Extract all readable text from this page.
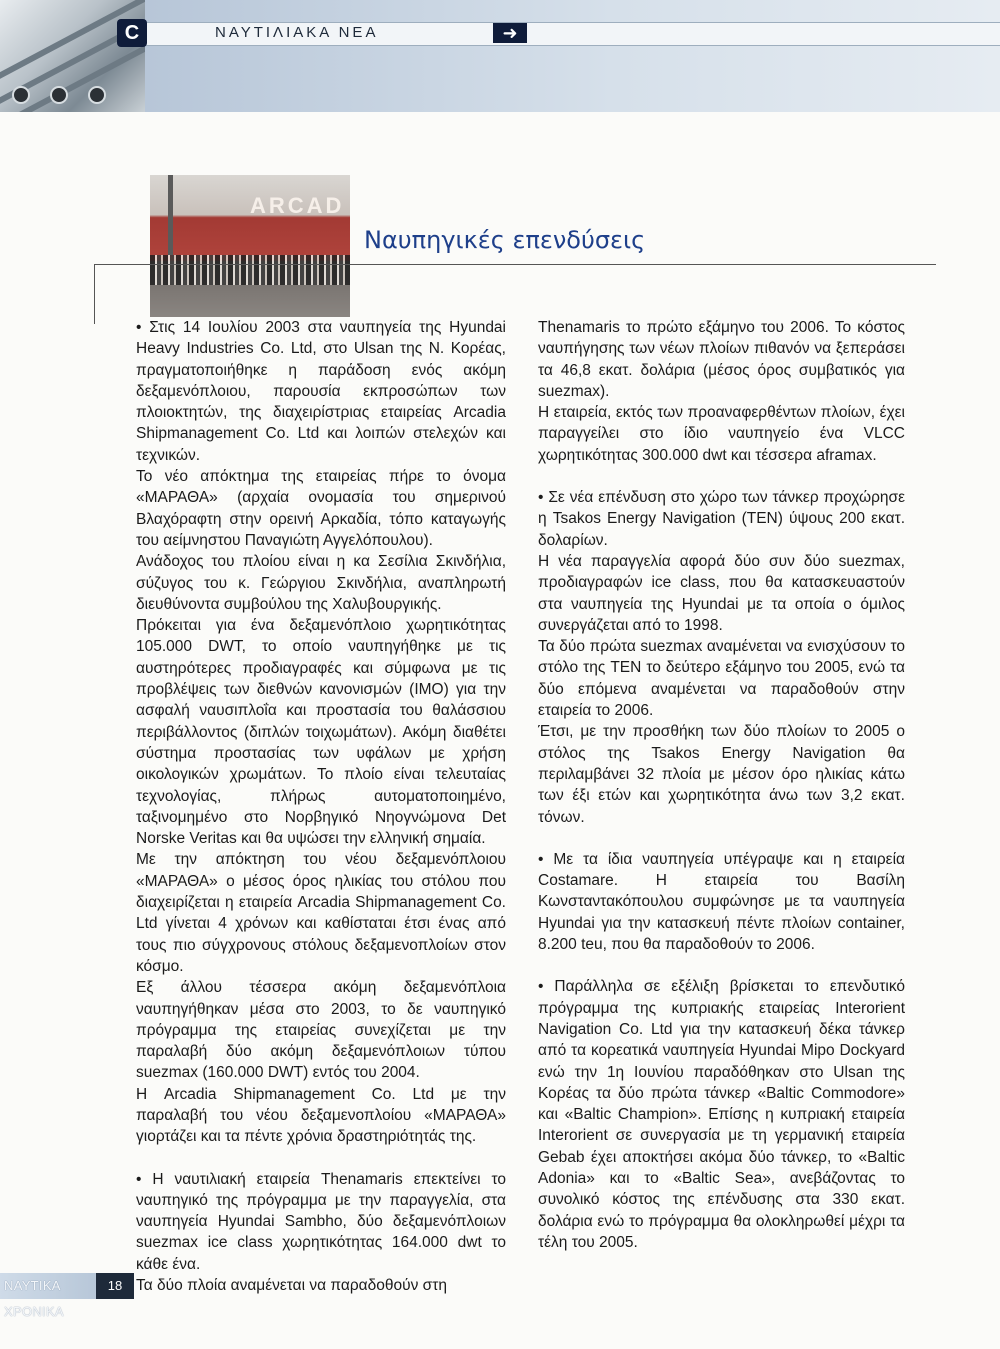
C	ΝΑΥΤΙΛΙΑΚΑ ΝΕΑ	➜
ARCAD
Ναυπηγικές επενδύσεις

• Στις 14 Ιουλίου 2003 στα ναυπηγεία της Hyundai Heavy Industries Co. Ltd, στο Ulsan της Ν. Κορέας, πραγματοποιήθηκε η παράδοση ενός ακόμη δεξαμενόπλοιου, παρουσία εκπροσώπων των πλοιοκτητών, της διαχειρίστριας εταιρείας Arcadia Shipmanagement Co. Ltd και λοιπών στελεχών και τεχνικών.

Το νέο απόκτημα της εταιρείας πήρε το όνομα «ΜΑΡΑΘΑ» (αρχαία ονομασία του σημερινού Βλαχόραφτη στην ορεινή Αρκαδία, τόπο καταγωγής του αείμνηστου Παναγιώτη Αγγελόπουλου).

Ανάδοχος του πλοίου είναι η κα Σεσίλια Σκινδήλια, σύζυγος του κ. Γεώργιου Σκινδήλια, αναπληρωτή διευθύνοντα συμβούλου της Χαλυβουργικής.

Πρόκειται για ένα δεξαμενόπλοιο χωρητικότητας 105.000 DWT, το οποίο ναυπηγήθηκε με τις αυστηρότερες προδιαγραφές και σύμφωνα με τις προβλέψεις των διεθνών κανονισμών (ΙΜΟ) για την ασφαλή ναυσιπλοΐα και προστασία του θαλάσσιου περιβάλλοντος (διπλών τοιχωμάτων). Ακόμη διαθέτει σύστημα προστασίας των υφάλων με χρήση οικολογικών χρωμάτων. Το πλοίο είναι τελευταίας τεχνολογίας, πλήρως αυτοματοποιημένο, ταξινομημένο στο Νορβηγικό Νηογνώμονα Det Norske Veritas και θα υψώσει την ελληνική σημαία.

Με την απόκτηση του νέου δεξαμενόπλοιου «ΜΑΡΑΘΑ» ο μέσος όρος ηλικίας του στόλου που διαχειρίζεται η εταιρεία Arcadia Shipmanagement Co. Ltd γίνεται 4 χρόνων και καθίσταται έτσι ένας από τους πιο σύγχρονους στόλους δεξαμενοπλοίων στον κόσμο.

Εξ άλλου τέσσερα ακόμη δεξαμενόπλοια ναυπηγήθηκαν μέσα στο 2003, το δε ναυπηγικό πρόγραμμα της εταιρείας συνεχίζεται με την παραλαβή δύο ακόμη δεξαμενόπλοιων τύπου suezmax (160.000 DWT) εντός του 2004.

Η Arcadia Shipmanagement Co. Ltd με την παραλαβή του νέου δεξαμενοπλοίου «ΜΑΡΑΘΑ» γιορτάζει και τα πέντε χρόνια δραστηριότητάς της.

• Η ναυτιλιακή εταιρεία Thenamaris επεκτείνει το ναυπηγικό της πρόγραμμα με την παραγγελία, στα ναυπηγεία Hyundai Sambho, δύο δεξαμενόπλοιων suezmax ice class χωρητικότητας 164.000 dwt το κάθε ένα.

Τα δύο πλοία αναμένεται να παραδοθούν στη

Thenamaris το πρώτο εξάμηνο του 2006. Το κόστος ναυπήγησης των νέων πλοίων πιθανόν να ξεπεράσει τα 46,8 εκατ. δολάρια (μέσος όρος συμβατικός για suezmax).

Η εταιρεία, εκτός των προαναφερθέντων πλοίων, έχει παραγγείλει στο ίδιο ναυπηγείο ένα VLCC χωρητικότητας 300.000 dwt και τέσσερα aframax.

• Σε νέα επένδυση στο χώρο των τάνκερ προχώρησε η Tsakos Energy Navigation (TEN) ύψους 200 εκατ. δολαρίων.

Η νέα παραγγελία αφορά δύο συν δύο suezmax, προδιαγραφών ice class, που θα κατασκευαστούν στα ναυπηγεία της Hyundai με τα οποία ο όμιλος συνεργάζεται από το 1998.

Τα δύο πρώτα suezmax αναμένεται να ενισχύσουν το στόλο της TEN το δεύτερο εξάμηνο του 2005, ενώ τα δύο επόμενα αναμένεται να παραδοθούν στην εταιρεία το 2006.

Έτσι, με την προσθήκη των δύο πλοίων το 2005 ο στόλος της Tsakos Energy Navigation θα περιλαμβάνει 32 πλοία με μέσον όρο ηλικίας κάτω των έξι ετών και χωρητικότητα άνω των 3,2 εκατ. τόνων.

• Με τα ίδια ναυπηγεία υπέγραψε και η εταιρεία Costamare. Η εταιρεία του Βασίλη Κωνσταντακόπουλου συμφώνησε με τα ναυπηγεία Hyundai για την κατασκευή πέντε πλοίων container, 8.200 teu, που θα παραδοθούν το 2006.

• Παράλληλα σε εξέλιξη βρίσκεται το επενδυτικό πρόγραμμα της κυπριακής εταιρείας Interorient Navigation Co. Ltd για την κατασκευή δέκα τάνκερ από τα κορεατικά ναυπηγεία Hyundai Mipo Dockyard ενώ την 1η Ιουνίου παραδόθηκαν στο Ulsan της Κορέας τα δύο πρώτα τάνκερ «Baltic Commodore» και «Baltic Champion». Επίσης η κυπριακή εταιρεία Interorient σε συνεργασία με τη γερμανική εταιρεία Gebab έχει αποκτήσει ακόμα δύο τάνκερ, το «Baltic Adonia» και το «Baltic Sea», ανεβάζοντας το συνολικό κόστος της επένδυσης στα 330 εκατ. δολάρια ενώ το πρόγραμμα θα ολοκληρωθεί μέχρι τα τέλη του 2005.

ΝΑΥΤΙΚΑ ΧΡΟΝΙΚΑ
18
